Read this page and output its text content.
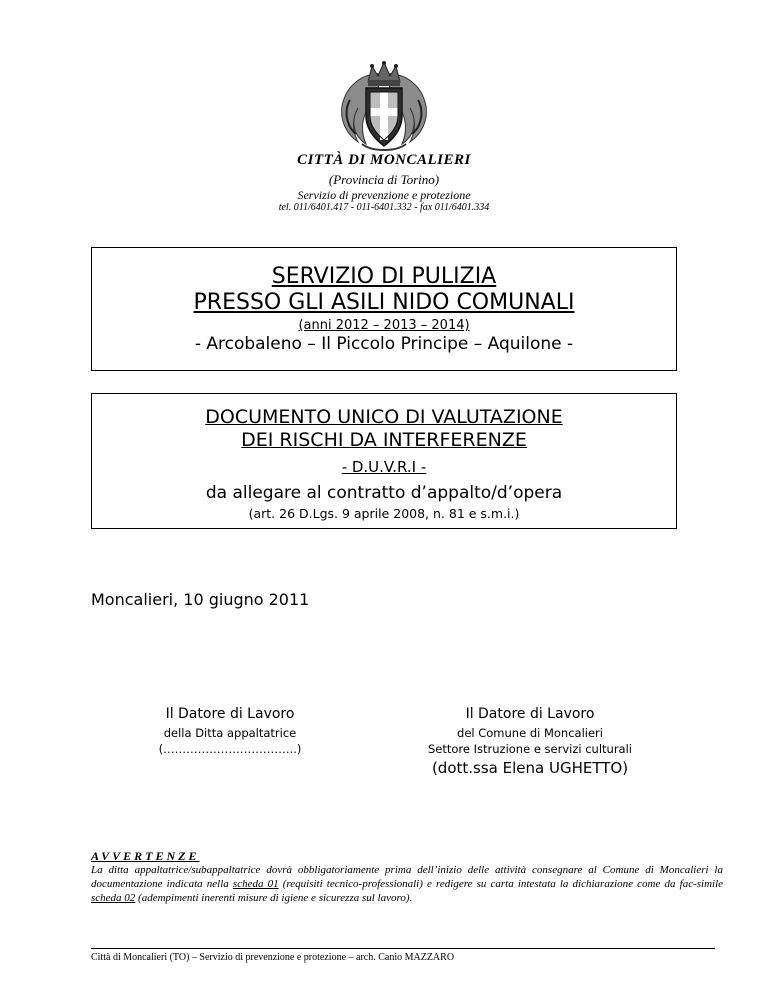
CITTÀ DI MONCALIERI
(Provincia di Torino)
Servizio di prevenzione e protezione
tel. 011/6401.417 - 011-6401.332 - fax 011/6401.334
SERVIZIO DI PULIZIA
PRESSO GLI ASILI NIDO COMUNALI
(anni 2012 – 2013 – 2014)
- Arcobaleno – Il Piccolo Principe – Aquilone -
DOCUMENTO UNICO DI VALUTAZIONE
DEI RISCHI DA INTERFERENZE
- D.U.V.R.I -
da allegare al contratto d’appalto/d’opera
(art. 26 D.Lgs. 9 aprile 2008, n. 81 e s.m.i.)
Moncalieri, 10 giugno 2011
Il Datore di Lavoro
della Ditta appaltatrice
(……………………………..)
Il Datore di Lavoro
del Comune di Moncalieri
Settore Istruzione e servizi culturali
(dott.ssa Elena UGHETTO)
AVVERTENZE
La ditta appaltatrice/subappaltatrice dovrà obbligatoriamente prima dell’inizio delle attività consegnare al Comune di Moncalieri la documentazione indicata nella scheda 01 (requisiti tecnico-professionali) e redigere su carta intestata la dichiarazione come da fac-simile scheda 02 (adempimenti inerenti misure di igiene e sicurezza sul lavoro).
Città di Moncalieri (TO) – Servizio di prevenzione e protezione – arch. Canio MAZZARO
